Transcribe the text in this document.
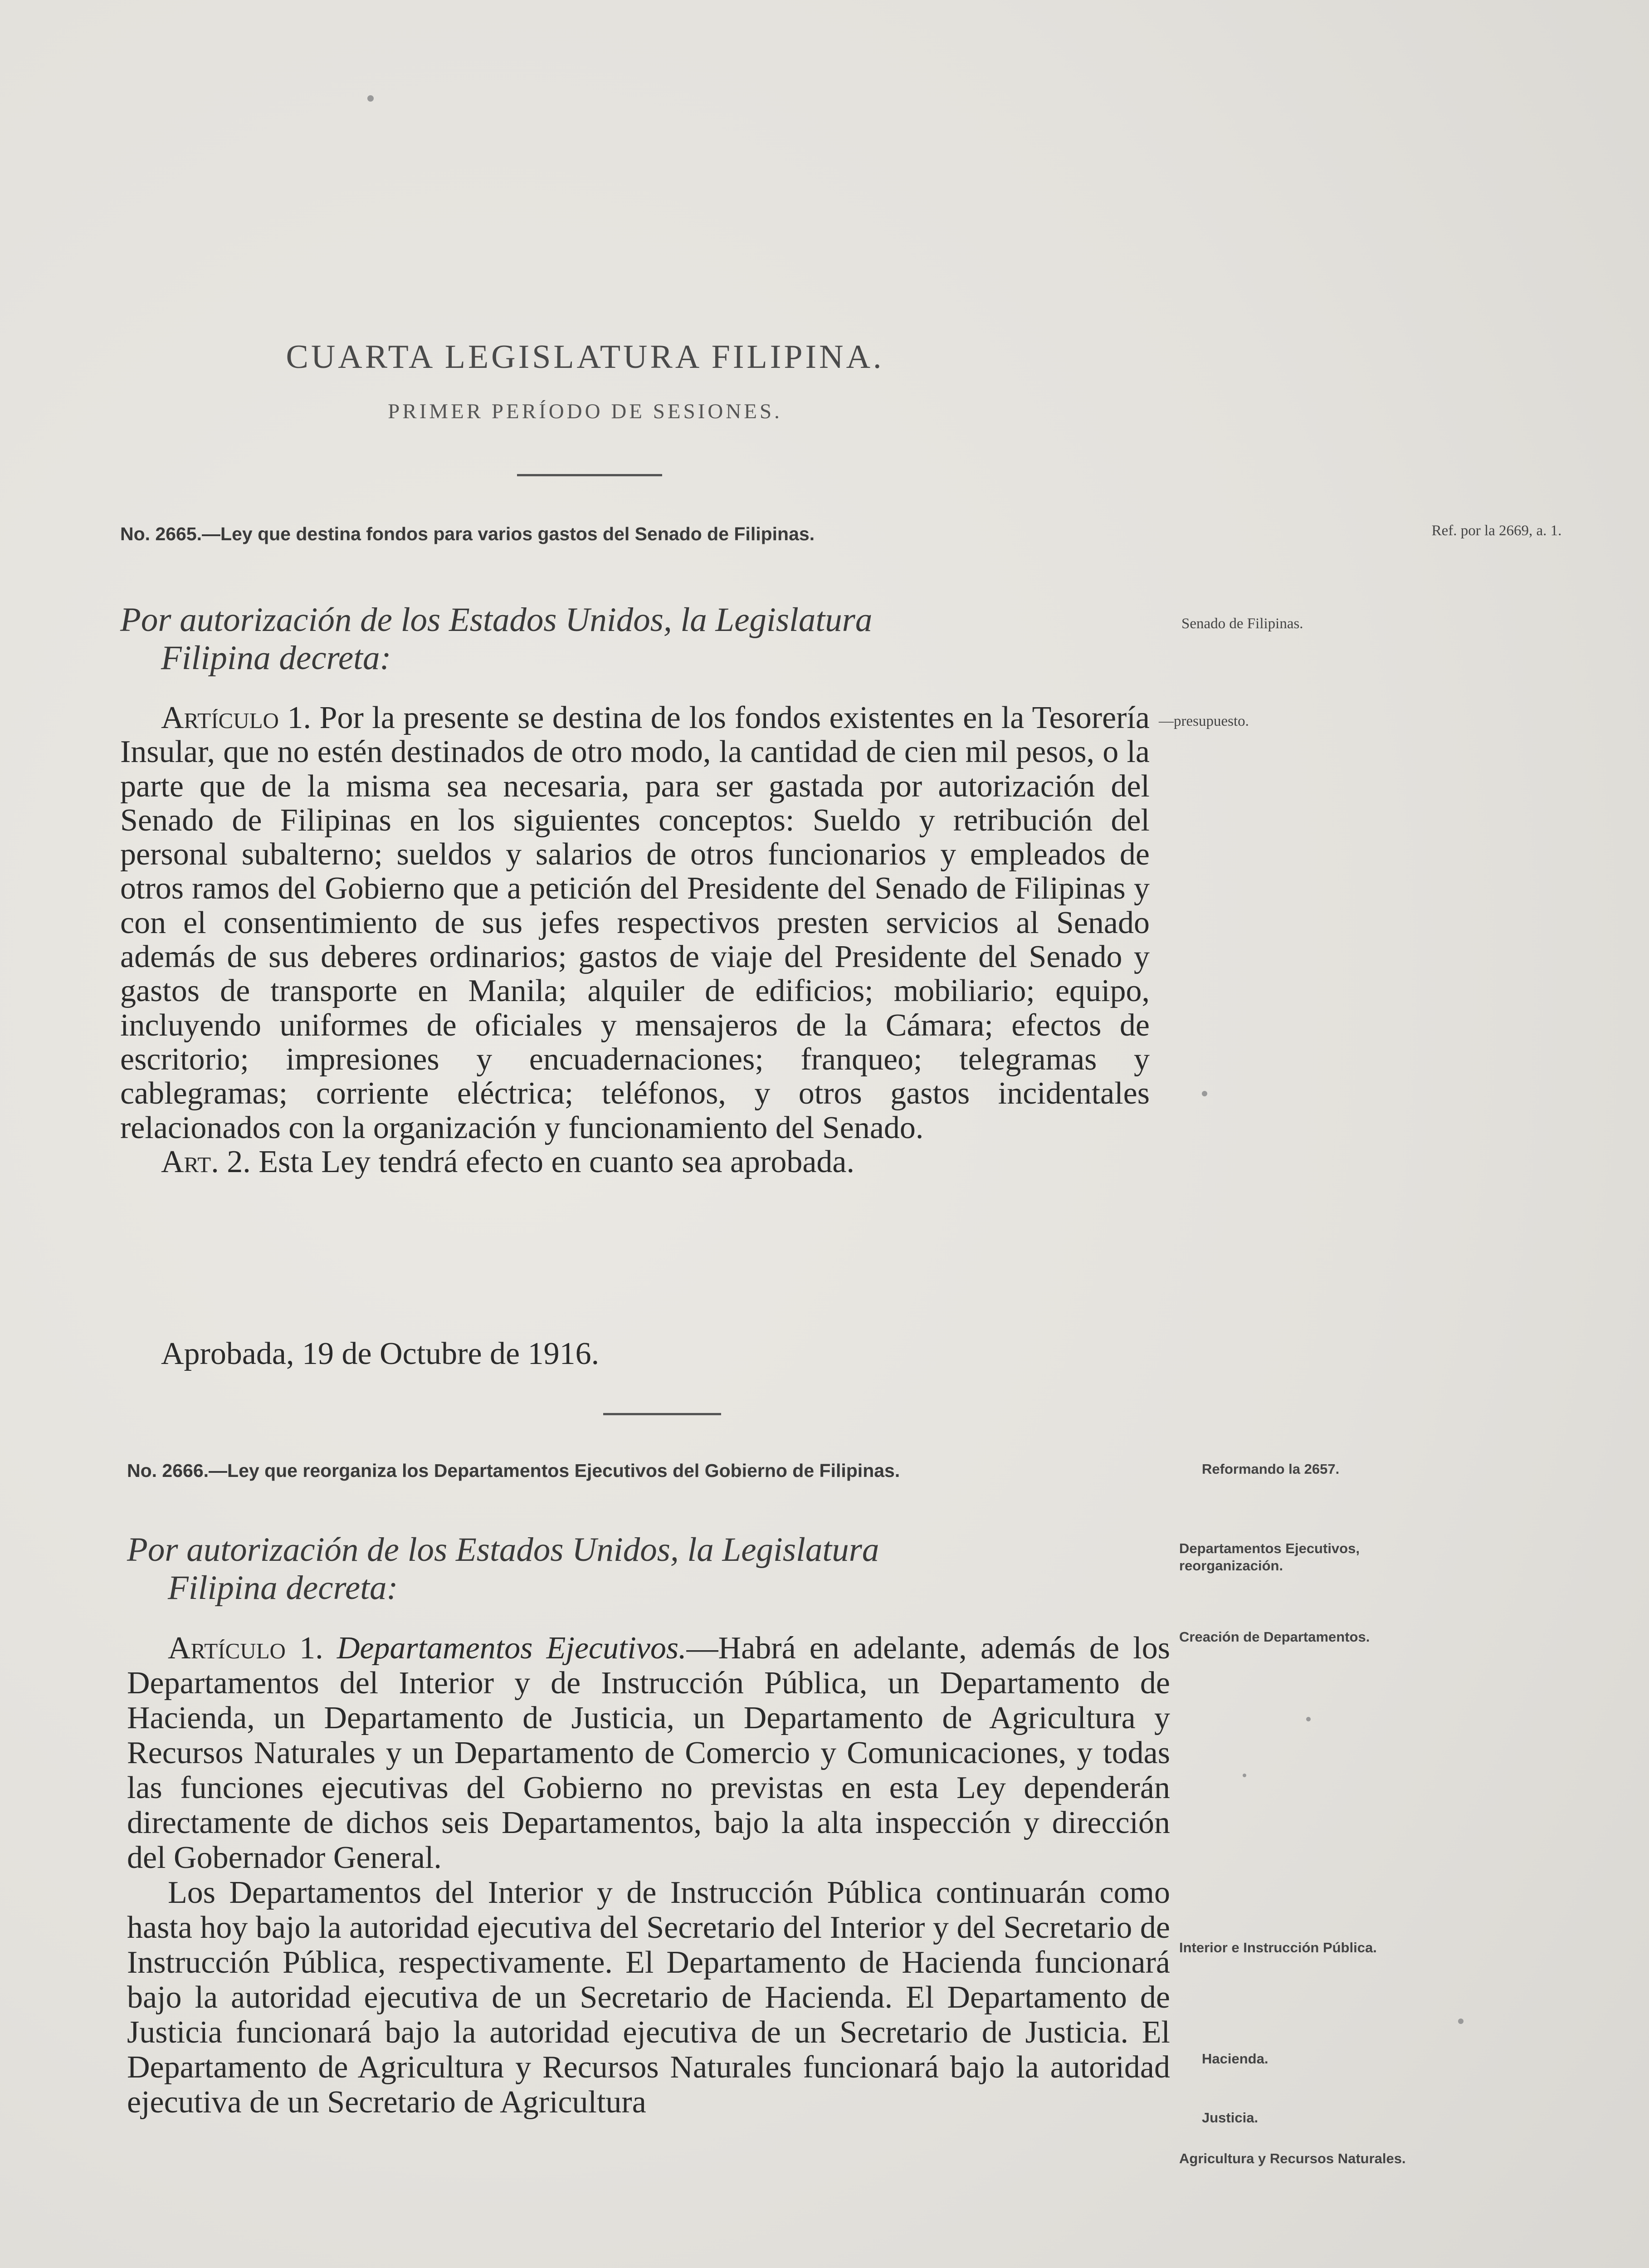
CUARTA LEGISLATURA FILIPINA.
PRIMER PERÍODO DE SESIONES.
No. 2665.—Ley que destina fondos para varios gastos del Senado de Filipinas.
Por autorización de los Estados Unidos, la Legislatura
Filipina decreta:

Artículo 1. Por la presente se destina de los fondos existentes en la Tesorería Insular, que no estén destinados de otro modo, la cantidad de cien mil pesos, o la parte que de la misma sea necesaria, para ser gastada por autorización del Senado de Filipinas en los siguientes conceptos: Sueldo y retribución del personal subalterno; sueldos y salarios de otros funcionarios y empleados de otros ramos del Gobierno que a petición del Presidente del Senado de Filipinas y con el consentimiento de sus jefes respectivos presten servicios al Senado además de sus deberes ordinarios; gastos de viaje del Presidente del Senado y gastos de transporte en Manila; alquiler de edificios; mobiliario; equipo, incluyendo uniformes de oficiales y mensajeros de la Cámara; efectos de escritorio; impresiones y encuadernaciones; franqueo; telegramas y cablegramas; corriente eléctrica; teléfonos, y otros gastos incidentales relacionados con la organización y funcionamiento del Senado.

Art. 2. Esta Ley tendrá efecto en cuanto sea aprobada.

Aprobada, 19 de Octubre de 1916.
Ref. por la 2669, a. 1.
Senado de Filipinas.
—presupuesto.
No. 2666.—Ley que reorganiza los Departamentos Ejecutivos del Gobierno de Filipinas.
Por autorización de los Estados Unidos, la Legislatura
Filipina decreta:

Artículo 1. Departamentos Ejecutivos.—Habrá en adelante, además de los Departamentos del Interior y de Instrucción Pública, un Departamento de Hacienda, un Departamento de Justicia, un Departamento de Agricultura y Recursos Naturales y un Departamento de Comercio y Comunicaciones, y todas las funciones ejecutivas del Gobierno no previstas en esta Ley dependerán directamente de dichos seis Departamentos, bajo la alta inspección y dirección del Gobernador General.

Los Departamentos del Interior y de Instrucción Pública continuarán como hasta hoy bajo la autoridad ejecutiva del Secretario del Interior y del Secretario de Instrucción Pública, respectivamente. El Departamento de Hacienda funcionará bajo la autoridad ejecutiva de un Secretario de Hacienda. El Departamento de Justicia funcionará bajo la autoridad ejecutiva de un Secretario de Justicia. El Departamento de Agricultura y Recursos Naturales funcionará bajo la autoridad ejecutiva de un Secretario de Agricultura

Reformando la 2657.
Departamentos Ejecutivos, reorganización.
Creación de Departamentos.
Interior e Instrucción Pública.
Hacienda.
Justicia.
Agricultura y Recursos Naturales.
